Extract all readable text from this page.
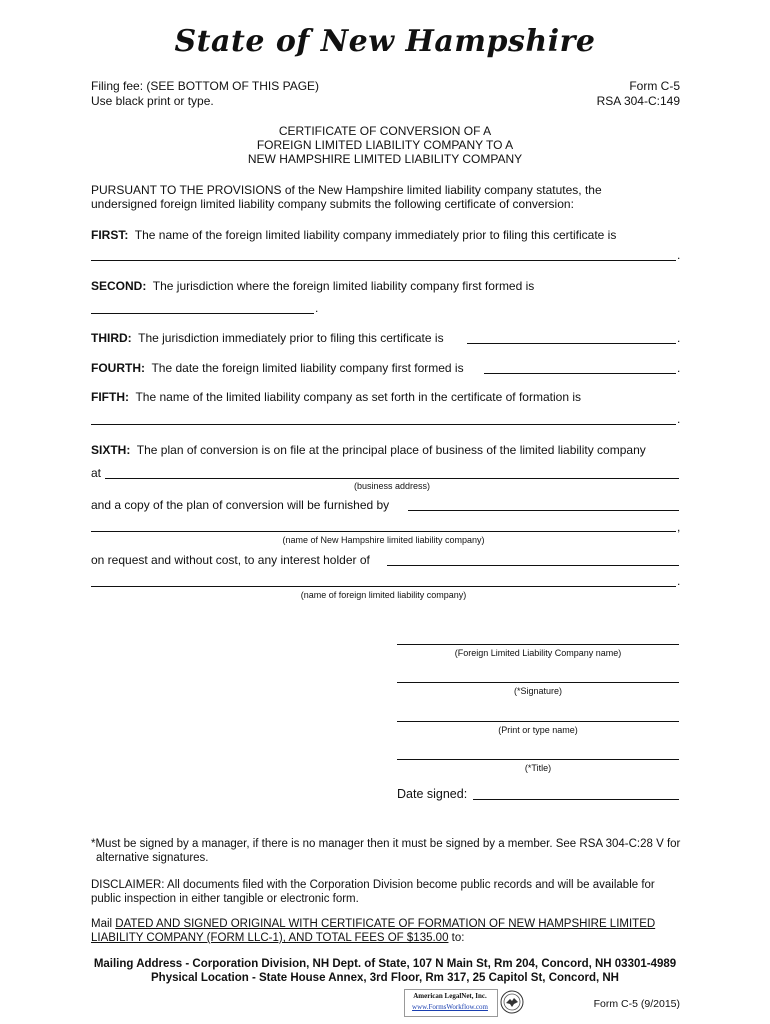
State of New Hampshire
Filing fee: (SEE BOTTOM OF THIS PAGE)
Use black print or type.
Form C-5
RSA 304-C:149
CERTIFICATE OF CONVERSION OF A
FOREIGN LIMITED LIABILITY COMPANY TO A
NEW HAMPSHIRE LIMITED LIABILITY COMPANY
PURSUANT TO THE PROVISIONS of the New Hampshire limited liability company statutes, the
undersigned foreign limited liability company submits the following certificate of conversion:
FIRST: The name of the foreign limited liability company immediately prior to filing this certificate is
.
SECOND: The jurisdiction where the foreign limited liability company first formed is
.
THIRD: The jurisdiction immediately prior to filing this certificate is	.
FOURTH: The date the foreign limited liability company first formed is	.
FIFTH: The name of the limited liability company as set forth in the certificate of formation is
.
SIXTH: The plan of conversion is on file at the principal place of business of the limited liability company
at
(business address)
and a copy of the plan of conversion will be furnished by
,
(name of New Hampshire limited liability company)
on request and without cost, to any interest holder of
.
(name of foreign limited liability company)
(Foreign Limited Liability Company name)
(*Signature)
(Print or type name)
(*Title)
Date signed:
*Must be signed by a manager, if there is no manager then it must be signed by a member. See RSA 304-C:28 V for
alternative signatures.
DISCLAIMER: All documents filed with the Corporation Division become public records and will be available for
public inspection in either tangible or electronic form.
Mail DATED AND SIGNED ORIGINAL WITH CERTIFICATE OF FORMATION OF NEW HAMPSHIRE LIMITED
LIABILITY COMPANY (FORM LLC-1), AND TOTAL FEES OF $135.00 to:
Mailing Address - Corporation Division, NH Dept. of State, 107 N Main St, Rm 204, Concord, NH 03301-4989
Physical Location - State House Annex, 3rd Floor, Rm 317, 25 Capitol St, Concord, NH
American LegalNet, Inc.
www.FormsWorkflow.com	Form C-5 (9/2015)
